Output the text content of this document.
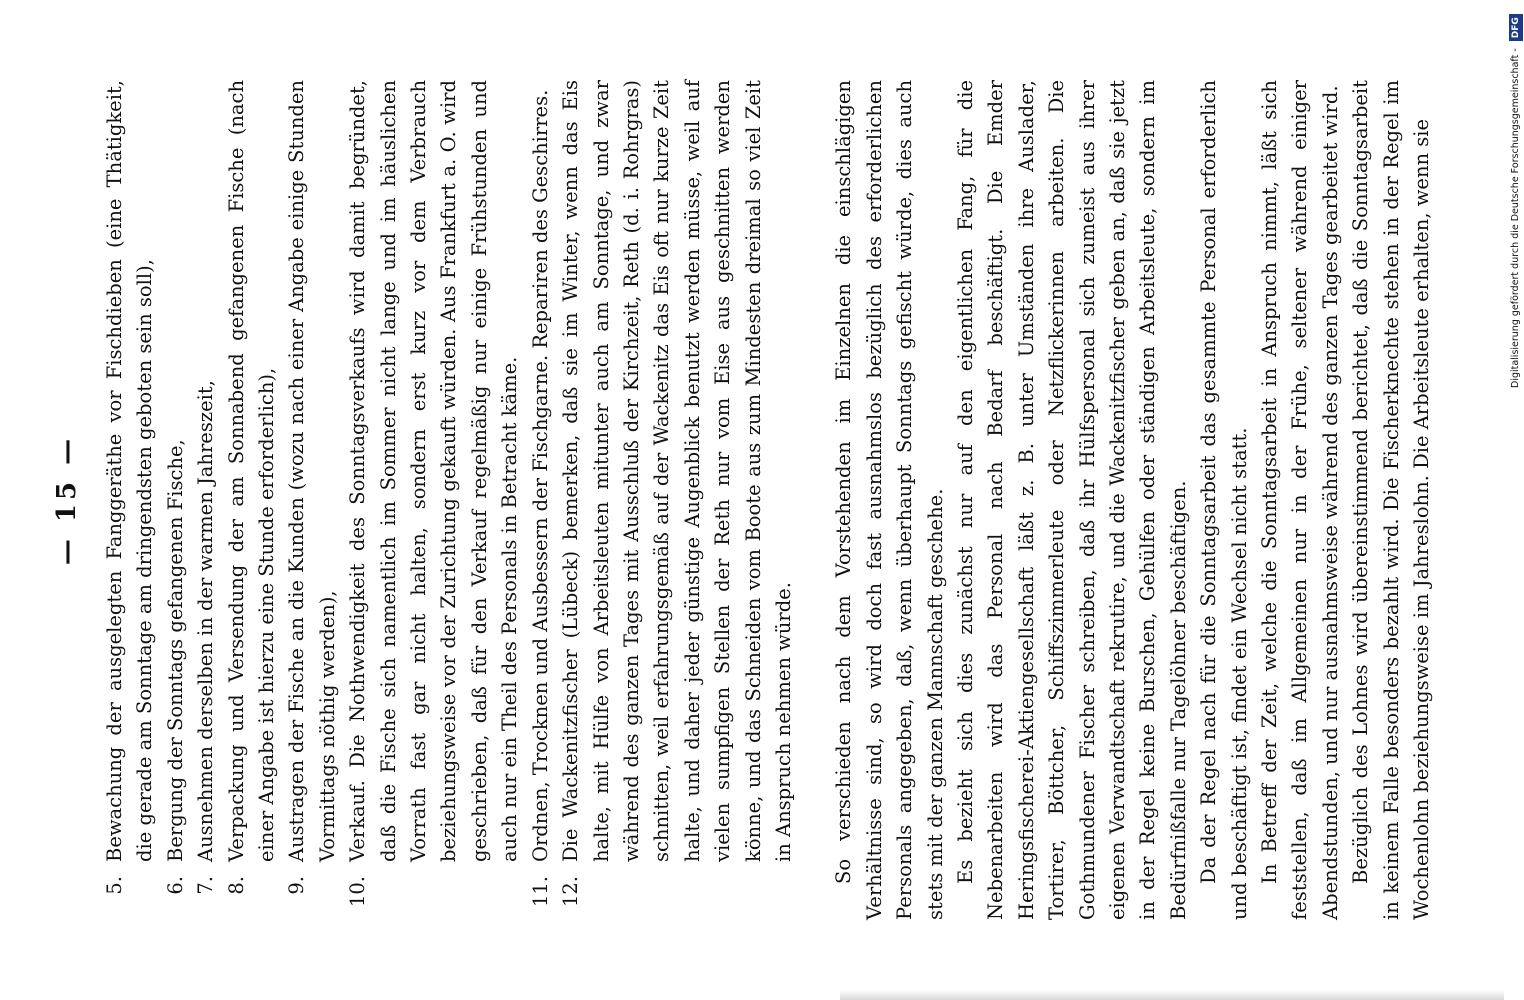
— 15 —
5.
Bewachung der ausgelegten Fanggeräthe vor Fischdieben (eine Thätigkeit, die gerade am Sonntage am dringendsten geboten sein soll),
6.
Bergung der Sonntags gefangenen Fische,
7.
Ausnehmen derselben in der warmen Jahreszeit,
8.
Verpackung und Versendung der am Sonnabend gefangenen Fische (nach einer Angabe ist hierzu eine Stunde erforderlich),
9.
Austragen der Fische an die Kunden (wozu nach einer Angabe einige Stunden Vormittags nöthig werden),
10.
Verkauf. Die Nothwendigkeit des Sonntagsverkaufs wird damit begründet, daß die Fische sich namentlich im Sommer nicht lange und im häuslichen Vorrath fast gar nicht halten, sondern erst kurz vor dem Verbrauch beziehungsweise vor der Zurichtung gekauft würden. Aus Frankfurt a. O. wird geschrieben, daß für den Verkauf regelmäßig nur einige Frühstunden und auch nur ein Theil des Personals in Betracht käme.
11.
Ordnen, Trocknen und Ausbessern der Fischgarne. Repariren des Geschirres.
12.
Die Wackenitzfischer (Lübeck) bemerken, daß sie im Winter, wenn das Eis halte, mit Hülfe von Arbeitsleuten mitunter auch am Sonntage, und zwar während des ganzen Tages mit Ausschluß der Kirchzeit, Reth (d. i. Rohrgras) schnitten, weil erfahrungsgemäß auf der Wackenitz das Eis oft nur kurze Zeit halte, und daher jeder günstige Augenblick benutzt werden müsse, weil auf vielen sumpfigen Stellen der Reth nur vom Eise aus geschnitten werden könne, und das Schneiden vom Boote aus zum Mindesten dreimal so viel Zeit in Anspruch nehmen würde. So verschieden nach dem Vorstehenden im Einzelnen die einschlägigen Verhältnisse sind, so wird doch fast ausnahmslos bezüglich des erforderlichen Personals angegeben, daß, wenn überhaupt Sonntags gefischt würde, dies auch stets mit der ganzen Mannschaft geschehe. Es bezieht sich dies zunächst nur auf den eigentlichen Fang, für die Nebenarbeiten wird das Personal nach Bedarf beschäftigt. Die Emder Heringsfischerei-Aktiengesellschaft läßt z. B. unter Umständen ihre Auslader, Tortirer, Böttcher, Schiffszimmerleute oder Netzflickerinnen arbeiten. Die Gothmundener Fischer schreiben, daß ihr Hülfspersonal sich zumeist aus ihrer eigenen Verwandtschaft rekrutire, und die Wackenitzfischer geben an, daß sie jetzt in der Regel keine Burschen, Gehülfen oder ständigen Arbeitsleute, sondern im Bedürfnißfalle nur Tagelöhner beschäftigen. Da der Regel nach für die Sonntagsarbeit das gesammte Personal erforderlich und beschäftigt ist, findet ein Wechsel nicht statt. In Betreff der Zeit, welche die Sonntagsarbeit in Anspruch nimmt, läßt sich feststellen, daß im Allgemeinen nur in der Frühe, seltener während einiger Abendstunden, und nur ausnahmsweise während des ganzen Tages gearbeitet wird. Bezüglich des Lohnes wird übereinstimmend berichtet, daß die Sonntagsarbeit in keinem Falle besonders bezahlt wird. Die Fischerknechte stehen in der Regel im Wochenlohn beziehungsweise im Jahreslohn. Die Arbeitsleute erhalten, wenn sie	Digitalisierung gefördert durch die Deutsche Forschungsgemeinschaft - DFG
